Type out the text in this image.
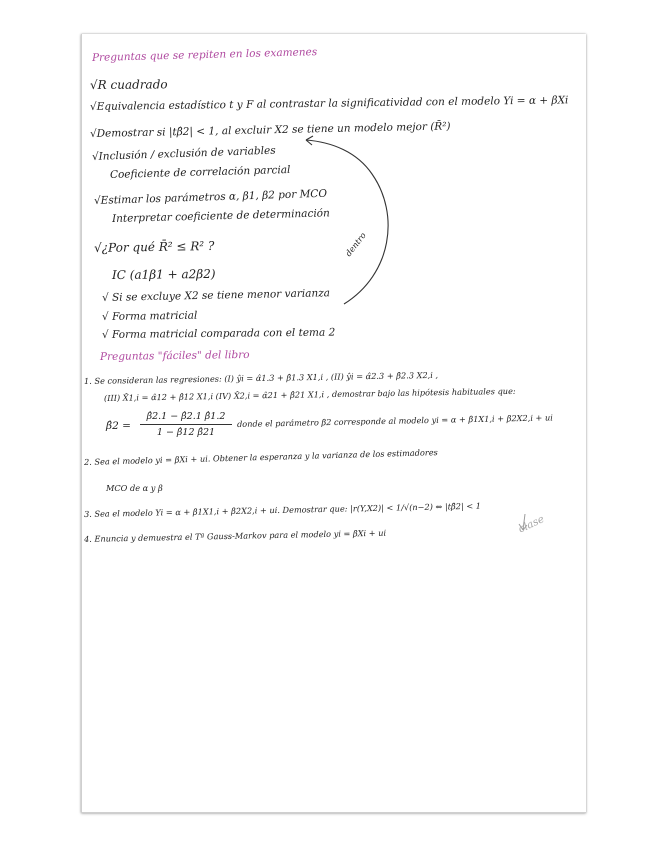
Preguntas que se repiten en los examenes
√R cuadrado
√Equivalencia estadístico t y F al contrastar la significatividad con el modelo Yi = α + βXi
√Demostrar si |tβ̂2| < 1, al excluir X2 se tiene un modelo mejor (R̄²)
√Inclusión / exclusión de variables
Coeficiente de correlación parcial
√Estimar los parámetros α, β1, β2 por MCO
Interpretar coeficiente de determinación
√¿Por qué R̄² ≤ R² ?
IC (a1β1 + a2β2)
√ Si se excluye X2 se tiene menor varianza
√ Forma matricial
√ Forma matricial comparada con el tema 2
dentro
Preguntas "fáciles" del libro
1. Se consideran las regresiones: (I) ŷi = α̂1.3 + β̂1.3 X1,i , (II) ŷi = α̂2.3 + β̂2.3 X2,i ,
(III) X̂1,i = α̂12 + β̂12 X1,i (IV) X̂2,i = α̂21 + β̂21 X1,i , demostrar bajo las hipótesis habituales que:
β̂2 =
β̂2.1 − β̂2.1 β̂1.2
1 − β̂12 β̂21
donde el parámetro β2 corresponde al modelo yi = α + β1X1,i + β2X2,i + ui
2. Sea el modelo yi = βXi + ui. Obtener la esperanza y la varianza de los estimadores
MCO de α y β
3. Sea el modelo Yi = α + β1X1,i + β2X2,i + ui. Demostrar que: |r(Y,X2)| < 1/√(n−2) ⇔ |tβ̂2| < 1
4. Enuncia y demuestra el Tª Gauss-Markov para el modelo yi = βXi + ui
clase
